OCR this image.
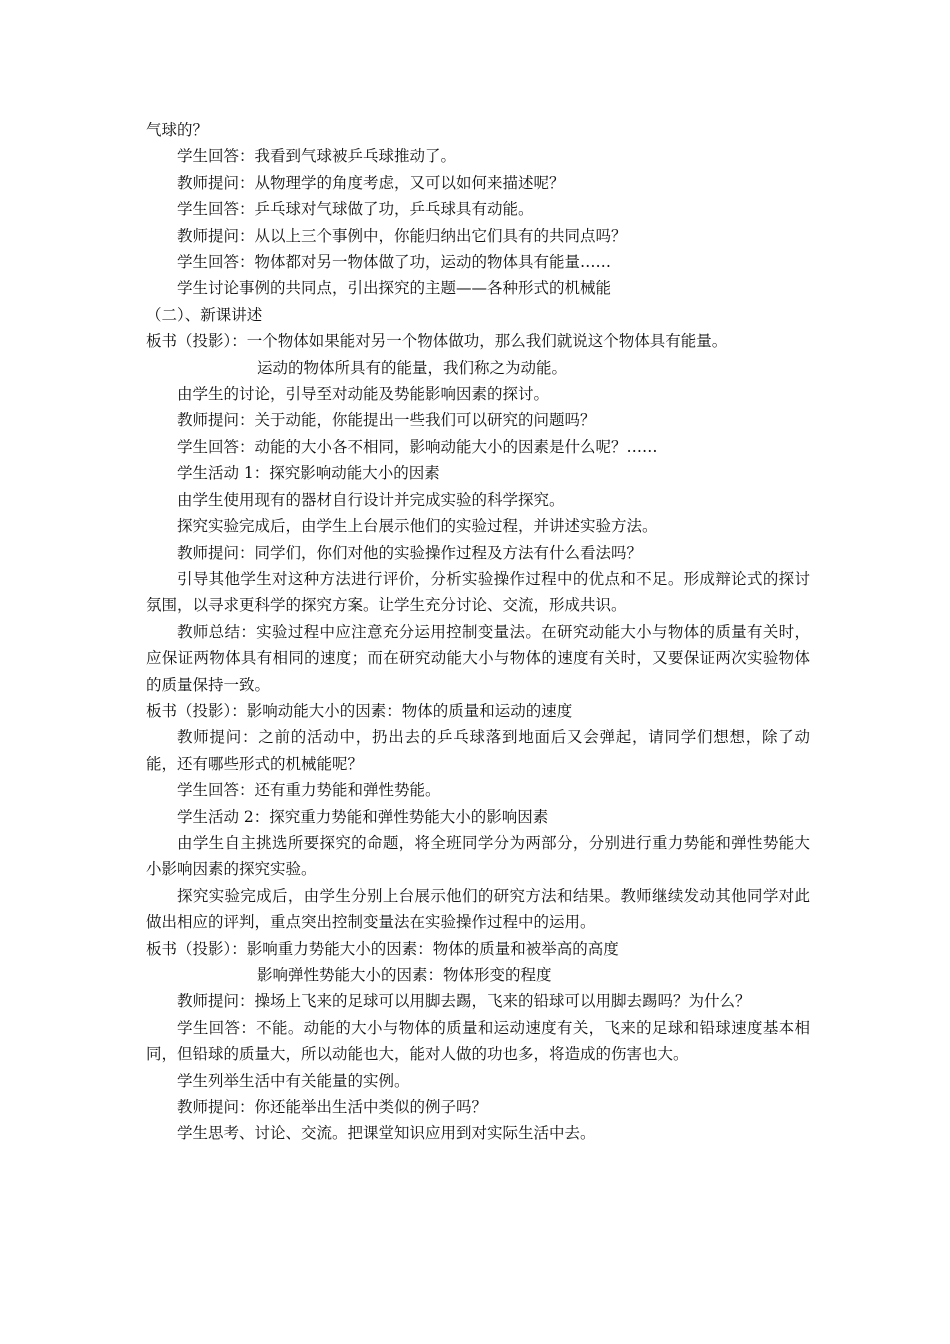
气球的？

学生回答：我看到气球被乒乓球推动了。

教师提问：从物理学的角度考虑，又可以如何来描述呢？

学生回答：乒乓球对气球做了功，乒乓球具有动能。

教师提问：从以上三个事例中，你能归纳出它们具有的共同点吗？

学生回答：物体都对另一物体做了功，运动的物体具有能量……

学生讨论事例的共同点，引出探究的主题——各种形式的机械能

（二）、新课讲述

板书（投影）：一个物体如果能对另一个物体做功，那么我们就说这个物体具有能量。

运动的物体所具有的能量，我们称之为动能。

由学生的讨论，引导至对动能及势能影响因素的探讨。

教师提问：关于动能，你能提出一些我们可以研究的问题吗？

学生回答：动能的大小各不相同，影响动能大小的因素是什么呢？……

学生活动 1：探究影响动能大小的因素

由学生使用现有的器材自行设计并完成实验的科学探究。

探究实验完成后，由学生上台展示他们的实验过程，并讲述实验方法。

教师提问：同学们，你们对他的实验操作过程及方法有什么看法吗？

引导其他学生对这种方法进行评价，分析实验操作过程中的优点和不足。形成辩论式的探讨氛围，以寻求更科学的探究方案。让学生充分讨论、交流，形成共识。

教师总结：实验过程中应注意充分运用控制变量法。在研究动能大小与物体的质量有关时，应保证两物体具有相同的速度；而在研究动能大小与物体的速度有关时，又要保证两次实验物体的质量保持一致。

板书（投影）：影响动能大小的因素：物体的质量和运动的速度

教师提问：之前的活动中，扔出去的乒乓球落到地面后又会弹起，请同学们想想，除了动能，还有哪些形式的机械能呢？

学生回答：还有重力势能和弹性势能。

学生活动 2：探究重力势能和弹性势能大小的影响因素

由学生自主挑选所要探究的命题，将全班同学分为两部分，分别进行重力势能和弹性势能大小影响因素的探究实验。

探究实验完成后，由学生分别上台展示他们的研究方法和结果。教师继续发动其他同学对此做出相应的评判，重点突出控制变量法在实验操作过程中的运用。

板书（投影）：影响重力势能大小的因素：物体的质量和被举高的高度

影响弹性势能大小的因素：物体形变的程度

教师提问：操场上飞来的足球可以用脚去踢，飞来的铅球可以用脚去踢吗？为什么？

学生回答：不能。动能的大小与物体的质量和运动速度有关，飞来的足球和铅球速度基本相同，但铅球的质量大，所以动能也大，能对人做的功也多，将造成的伤害也大。

学生列举生活中有关能量的实例。

教师提问：你还能举出生活中类似的例子吗？

学生思考、讨论、交流。把课堂知识应用到对实际生活中去。
